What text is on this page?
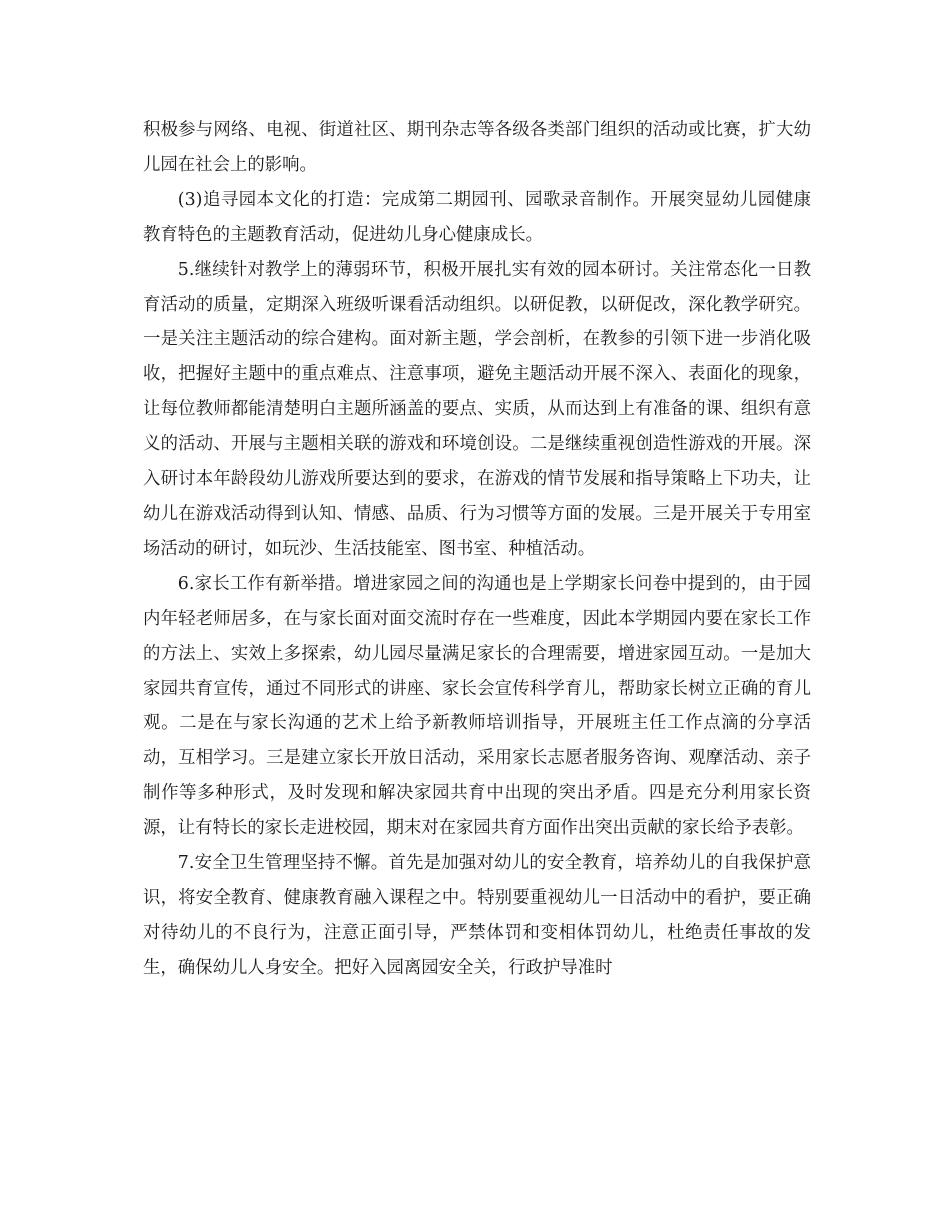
积极参与网络、电视、街道社区、期刊杂志等各级各类部门组织的活动或比赛，扩大幼儿园在社会上的影响。

(3)追寻园本文化的打造：完成第二期园刊、园歌录音制作。开展突显幼儿园健康教育特色的主题教育活动，促进幼儿身心健康成长。

5.继续针对教学上的薄弱环节，积极开展扎实有效的园本研讨。关注常态化一日教育活动的质量，定期深入班级听课看活动组织。以研促教，以研促改，深化教学研究。一是关注主题活动的综合建构。面对新主题，学会剖析，在教参的引领下进一步消化吸收，把握好主题中的重点难点、注意事项，避免主题活动开展不深入、表面化的现象，让每位教师都能清楚明白主题所涵盖的要点、实质，从而达到上有准备的课、组织有意义的活动、开展与主题相关联的游戏和环境创设。二是继续重视创造性游戏的开展。深入研讨本年龄段幼儿游戏所要达到的要求，在游戏的情节发展和指导策略上下功夫，让幼儿在游戏活动得到认知、情感、品质、行为习惯等方面的发展。三是开展关于专用室场活动的研讨，如玩沙、生活技能室、图书室、种植活动。

6.家长工作有新举措。增进家园之间的沟通也是上学期家长问卷中提到的，由于园内年轻老师居多，在与家长面对面交流时存在一些难度，因此本学期园内要在家长工作的方法上、实效上多探索，幼儿园尽量满足家长的合理需要，增进家园互动。一是加大家园共育宣传，通过不同形式的讲座、家长会宣传科学育儿，帮助家长树立正确的育儿观。二是在与家长沟通的艺术上给予新教师培训指导，开展班主任工作点滴的分享活动，互相学习。三是建立家长开放日活动，采用家长志愿者服务咨询、观摩活动、亲子制作等多种形式，及时发现和解决家园共育中出现的突出矛盾。四是充分利用家长资源，让有特长的家长走进校园，期末对在家园共育方面作出突出贡献的家长给予表彰。

7.安全卫生管理坚持不懈。首先是加强对幼儿的安全教育，培养幼儿的自我保护意识，将安全教育、健康教育融入课程之中。特别要重视幼儿一日活动中的看护，要正确对待幼儿的不良行为，注意正面引导，严禁体罚和变相体罚幼儿，杜绝责任事故的发生，确保幼儿人身安全。把好入园离园安全关，行政护导准时
